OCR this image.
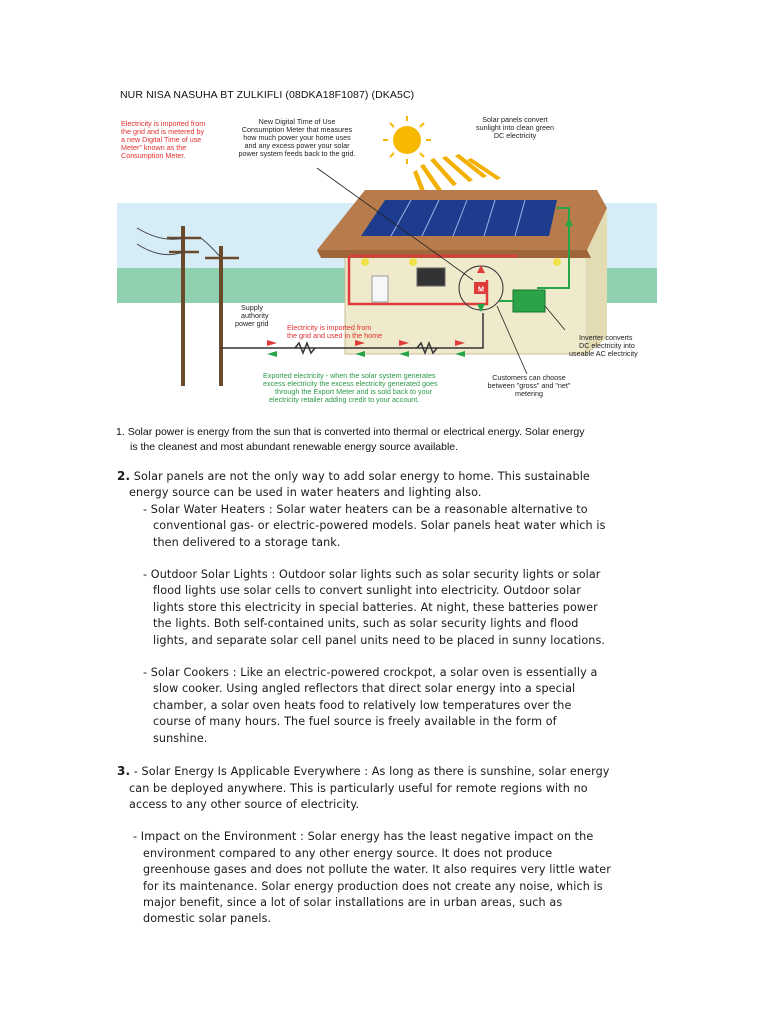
NUR NISA NASUHA BT ZULKIFLI (08DKA18F1087) (DKA5C)
M
Electricity is imported from
the grid and is metered by
a new Digital Time of use
Meter" known as the
Consumption Meter.
New Digital Time of Use
Consumption Meter that measures
how much power your home uses
and any excess power your solar
power system feeds back to the grid.
Solar panels convert
sunlight into clean green
DC electricity
Supply
authority
power grid	Electricity is imported from
the grid and used in the home	Inverter converts
DC electricity into
useable AC electricity
Exported electricity - when the solar system generates
excess electricity the excess electricity generated goes
through the Export Meter and is sold back to your
electricity retailer adding credit to your account.
Customers can choose
between "gross" and "net"
metering
1. Solar power is energy from the sun that is converted into thermal or electrical energy. Solar energy
is the cleanest and most abundant renewable energy source available.

2. Solar panels are not the only way to add solar energy to home. This sustainable

energy source can be used in water heaters and lighting also.

- Solar Water Heaters : Solar water heaters can be a reasonable alternative to

conventional gas- or electric-powered models. Solar panels heat water which is

then delivered to a storage tank.

- Outdoor Solar Lights : Outdoor solar lights such as solar security lights or solar

flood lights use solar cells to convert sunlight into electricity. Outdoor solar

lights store this electricity in special batteries. At night, these batteries power

the lights. Both self-contained units, such as solar security lights and flood

lights, and separate solar cell panel units need to be placed in sunny locations.

- Solar Cookers : Like an electric-powered crockpot, a solar oven is essentially a

slow cooker. Using angled reflectors that direct solar energy into a special

chamber, a solar oven heats food to relatively low temperatures over the

course of many hours. The fuel source is freely available in the form of

sunshine.

3. - Solar Energy Is Applicable Everywhere : As long as there is sunshine, solar energy

can be deployed anywhere. This is particularly useful for remote regions with no

access to any other source of electricity.

- Impact on the Environment : Solar energy has the least negative impact on the

environment compared to any other energy source. It does not produce

greenhouse gases and does not pollute the water. It also requires very little water

for its maintenance. Solar energy production does not create any noise, which is

major benefit, since a lot of solar installations are in urban areas, such as

domestic solar panels.
